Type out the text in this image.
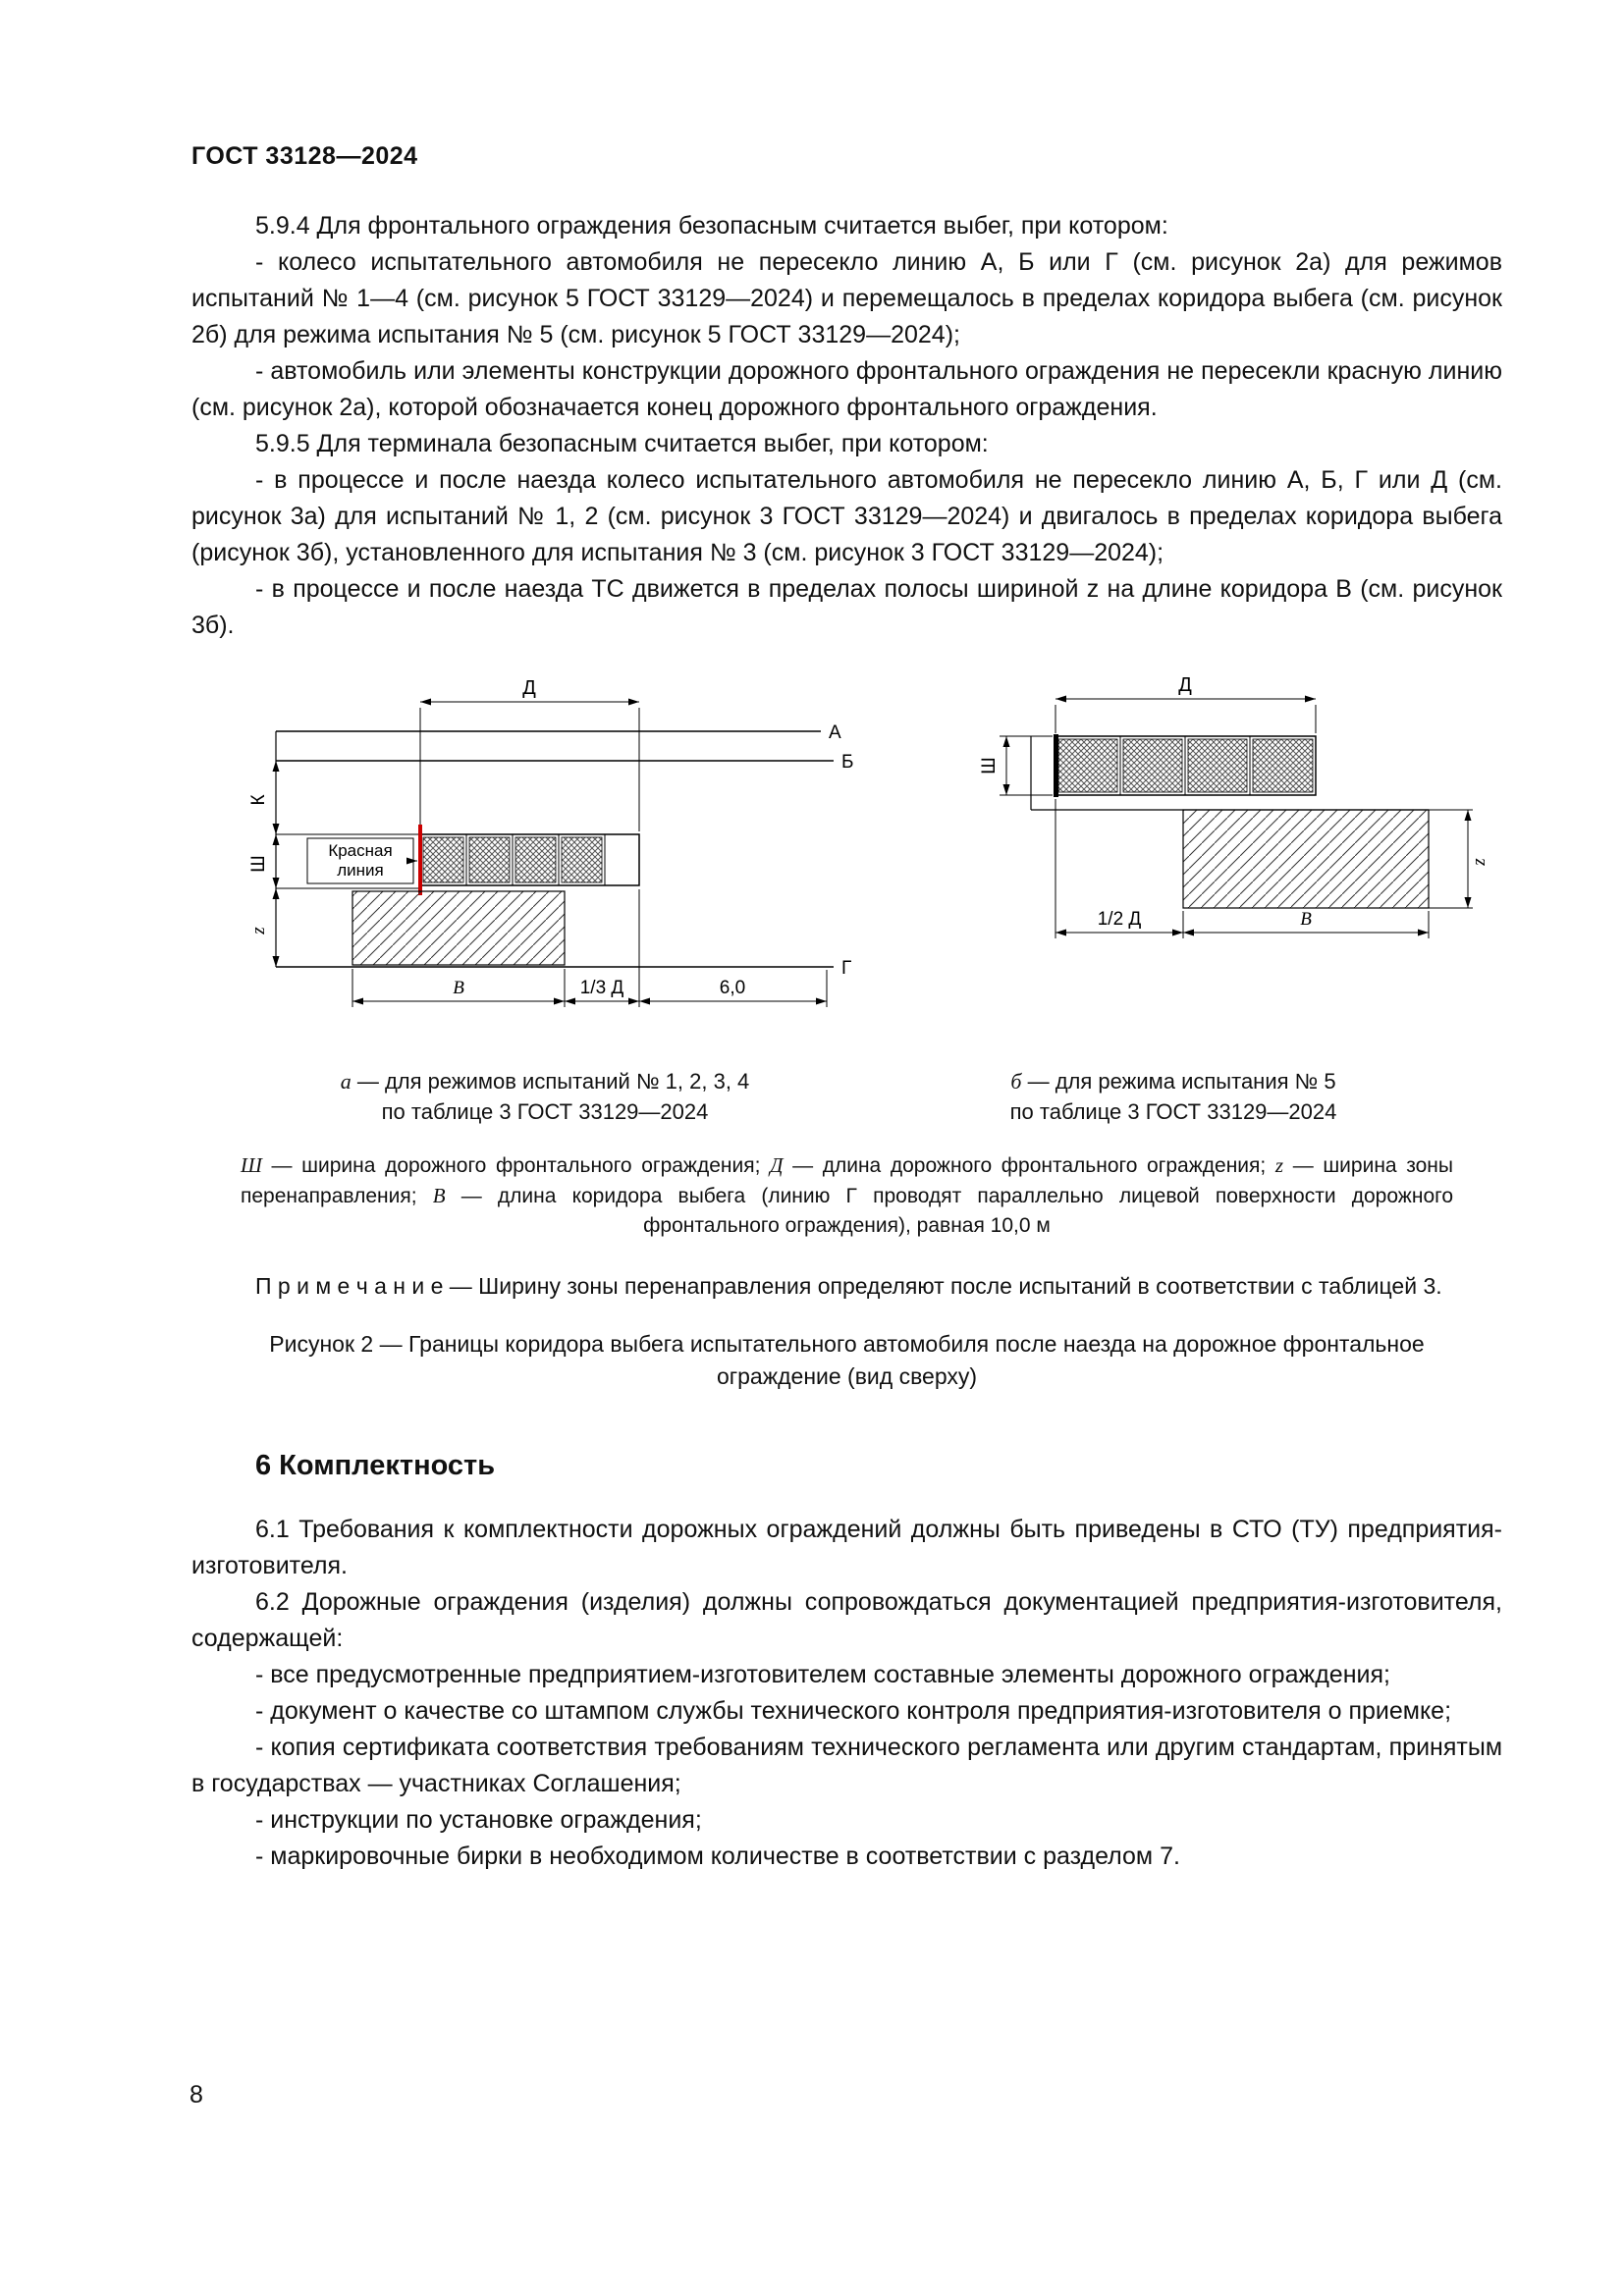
ГОСТ 33128—2024

5.9.4 Для фронтального ограждения безопасным считается выбег, при котором:

- колесо испытательного автомобиля не пересекло линию А, Б или Г (см. рисунок 2а) для режимов испытаний № 1—4 (см. рисунок 5 ГОСТ 33129—2024) и перемещалось в пределах коридора выбега (см. рисунок 2б) для режима испытания № 5 (см. рисунок 5 ГОСТ 33129—2024);

- автомобиль или элементы конструкции дорожного фронтального ограждения не пересекли красную линию (см. рисунок 2а), которой обозначается конец дорожного фронтального ограждения.

5.9.5 Для терминала безопасным считается выбег, при котором:

- в процессе и после наезда колесо испытательного автомобиля не пересекло линию А, Б, Г или Д (см. рисунок 3а) для испытаний № 1, 2 (см. рисунок 3 ГОСТ 33129—2024) и двигалось в пределах коридора выбега (рисунок 3б), установленного для испытания № 3 (см. рисунок 3 ГОСТ 33129—2024);

- в процессе и после наезда ТС движется в пределах полосы шириной z на длине коридора В (см. рисунок 3б).

А
Б
Г
К
Ш
z
Д
Красная
линия
В	1/3 Д	6,0
Д
Ш
z
1/2 Д	В
а — для режимов испытаний № 1, 2, 3, 4
по таблице 3 ГОСТ 33129—2024
б — для режима испытания № 5
по таблице 3 ГОСТ 33129—2024

Ш — ширина дорожного фронтального ограждения; Д — длина дорожного фронтального ограждения; z — ширина зоны перенаправления; В — длина коридора выбега (линию Г проводят параллельно лицевой поверхности дорожного фронтального ограждения), равная 10,0 м

П р и м е ч а н и е — Ширину зоны перенаправления определяют после испытаний в соответствии с таблицей 3.

Рисунок 2 — Границы коридора выбега испытательного автомобиля после наезда на дорожное фронтальное ограждение (вид сверху)

6 Комплектность

6.1 Требования к комплектности дорожных ограждений должны быть приведены в СТО (ТУ) предприятия-изготовителя.

6.2 Дорожные ограждения (изделия) должны сопровождаться документацией предприятия-изготовителя, содержащей:

- все предусмотренные предприятием-изготовителем составные элементы дорожного ограждения;

- документ о качестве со штампом службы технического контроля предприятия-изготовителя о приемке;

- копия сертификата соответствия требованиям технического регламента или другим стандартам, принятым в государствах — участниках Соглашения;

- инструкции по установке ограждения;

- маркировочные бирки в необходимом количестве в соответствии с разделом 7.

8
